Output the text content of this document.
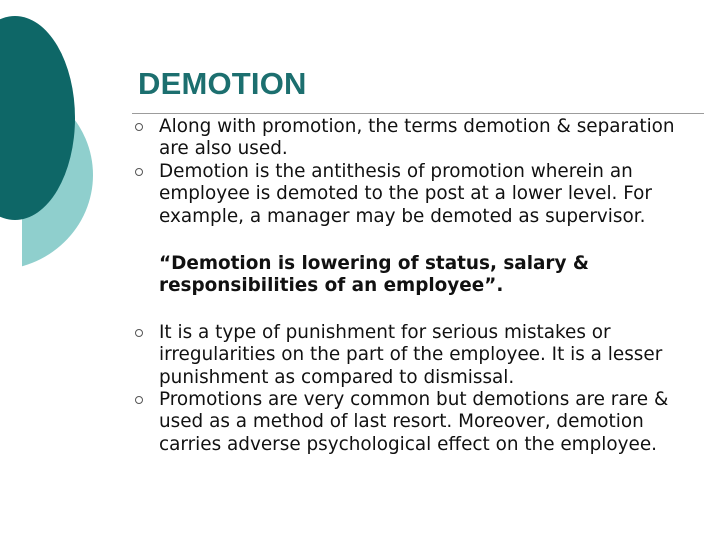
DEMOTION
Along with promotion, the terms demotion & separation are also used.
Demotion is the antithesis of promotion wherein an employee is demoted to the post at a lower level. For example, a manager may be demoted as supervisor.
“Demotion is lowering of status, salary & responsibilities of an employee”.
It is a type of punishment for serious mistakes or irregularities on the part of the employee. It is a lesser punishment as compared to dismissal.
Promotions are very common but demotions are rare & used as a method of last resort. Moreover, demotion carries adverse psychological effect on the employee.
